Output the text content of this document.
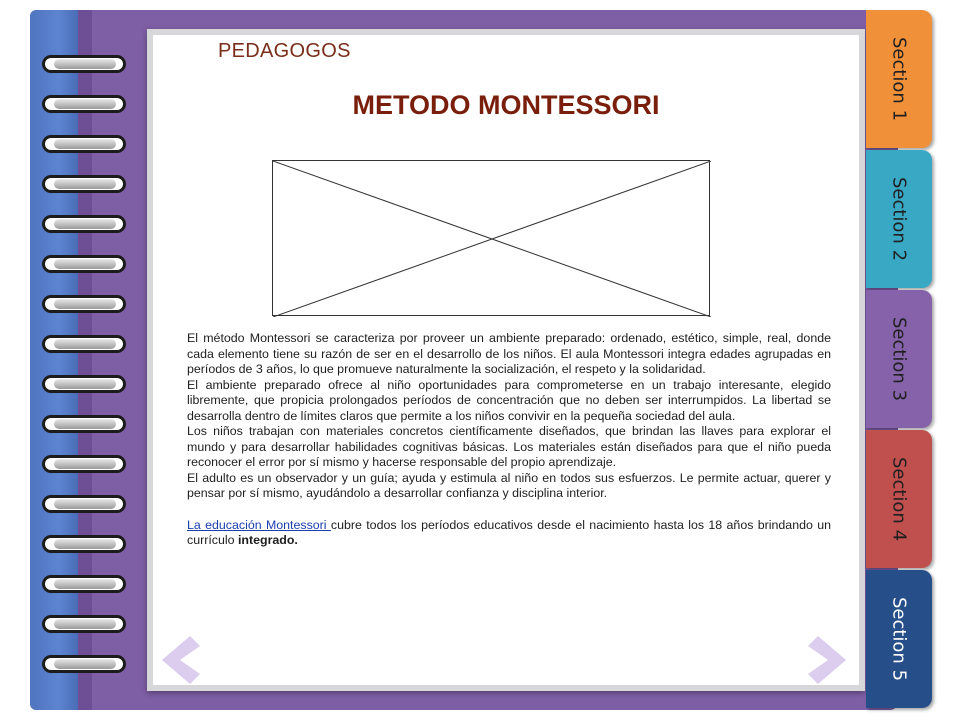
Section 1
Section 2
Section 3
Section 4
Section 5
PEDAGOGOS
METODO MONTESSORI

El método Montessori se caracteriza por proveer un ambiente preparado: ordenado, estético, simple, real, donde cada elemento tiene su razón de ser en el desarrollo de los niños. El aula Montessori integra edades agrupadas en períodos de 3 años, lo que promueve naturalmente la socialización, el respeto y la solidaridad.

El ambiente preparado ofrece al niño oportunidades para comprometerse en un trabajo interesante, elegido libremente, que propicia prolongados períodos de concentración que no deben ser interrumpidos. La libertad se desarrolla dentro de límites claros que permite a los niños convivir en la pequeña sociedad del aula.

Los niños trabajan con materiales concretos científicamente diseñados, que brindan las llaves para explorar el mundo y para desarrollar habilidades cognitivas básicas. Los materiales están diseñados para que el niño pueda reconocer el error por sí mismo y hacerse responsable del propio aprendizaje.

El adulto es un observador y un guía; ayuda y estimula al niño en todos sus esfuerzos. Le permite actuar, querer y pensar por sí mismo, ayudándolo a desarrollar confianza y disciplina interior.

La educación Montessori cubre todos los períodos educativos desde el nacimiento hasta los 18 años brindando un currículo integrado.
